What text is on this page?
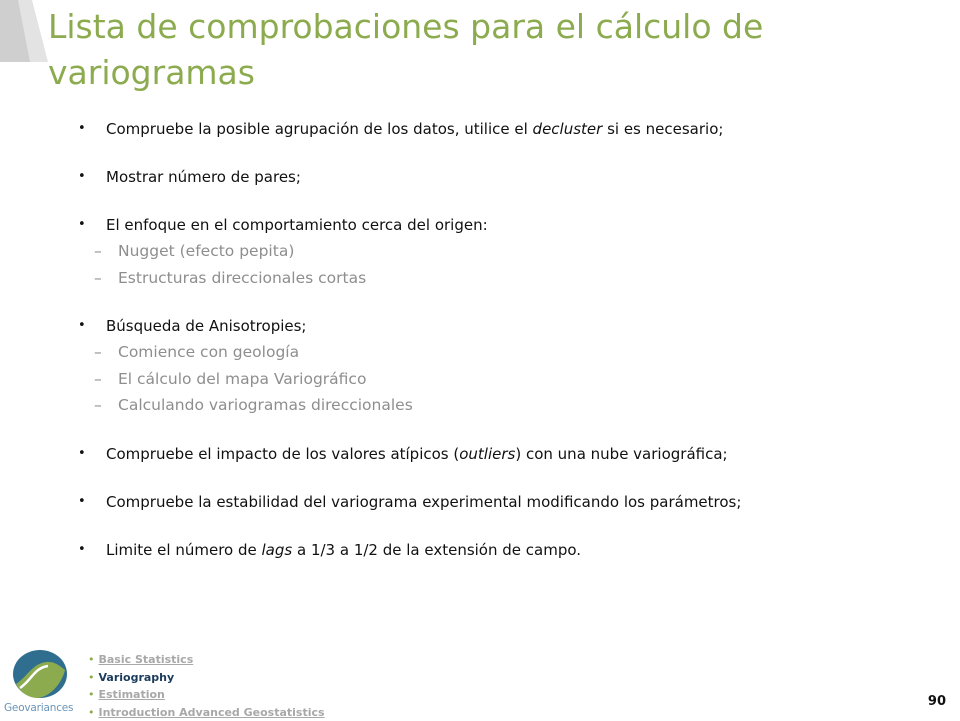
Lista de comprobaciones para el cálculo de variogramas
• Compruebe la posible agrupación de los datos, utilice el decluster si es necesario;
• Mostrar número de pares;
• El enfoque en el comportamiento cerca del origen:
– Nugget (efecto pepita)
– Estructuras direccionales cortas
• Búsqueda de Anisotropies;
– Comience con geología
– El cálculo del mapa Variográfico
– Calculando variogramas direccionales
• Compruebe el impacto de los valores atípicos (outliers) con una nube variográfica;
• Compruebe la estabilidad del variograma experimental modificando los parámetros;
• Limite el número de lags a 1/3 a 1/2 de la extensión de campo.
Geovariances
• Basic Statistics
• Variography
• Estimation
• Introduction Advanced Geostatistics
90
